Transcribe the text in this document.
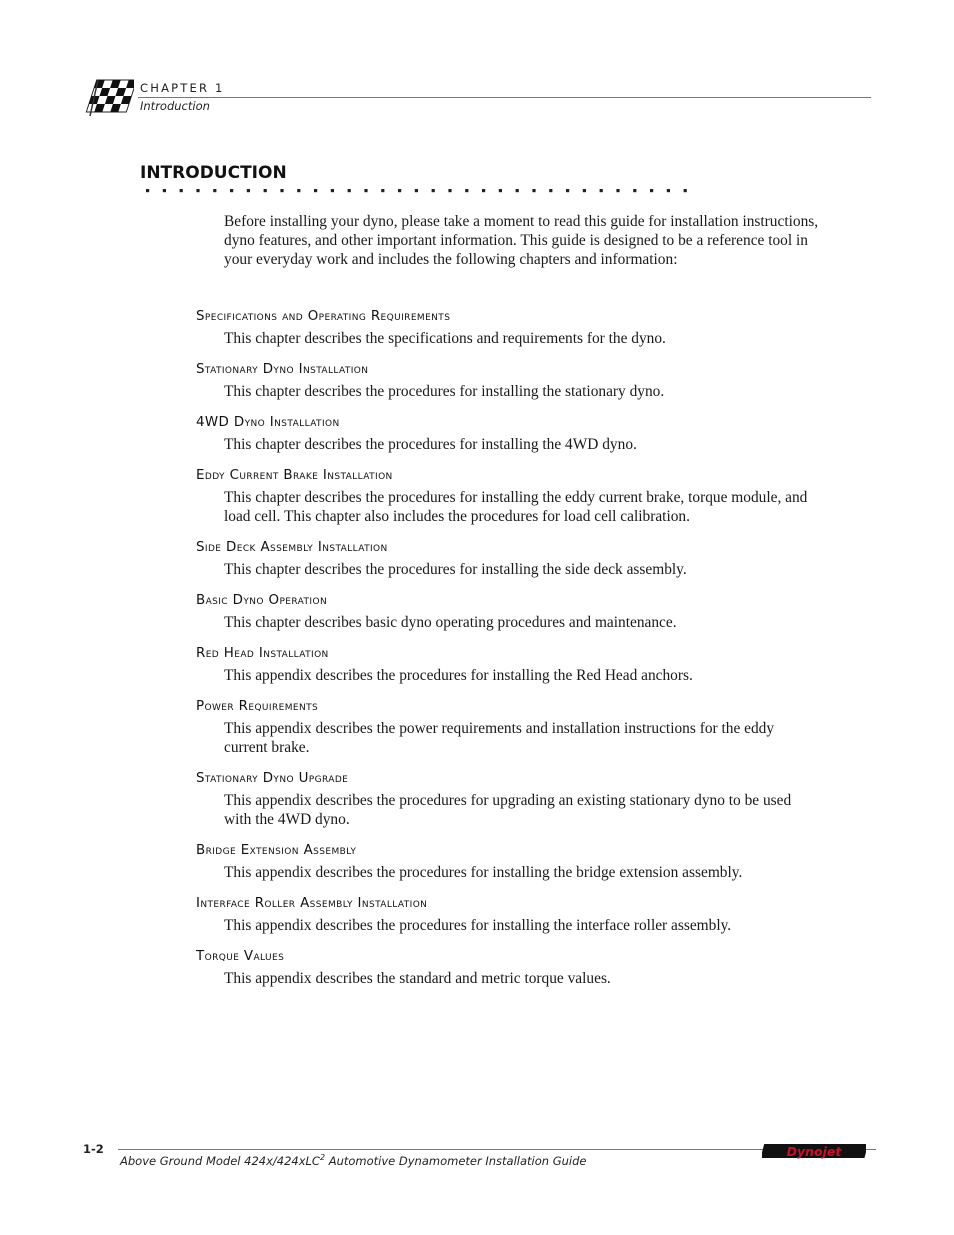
CHAPTER 1
Introduction
INTRODUCTION

Before installing your dyno, please take a moment to read this guide for installation instructions, dyno features, and other important information. This guide is designed to be a reference tool in your everyday work and includes the following chapters and information:

Specifications and Operating Requirements

This chapter describes the specifications and requirements for the dyno.

Stationary Dyno Installation

This chapter describes the procedures for installing the stationary dyno.

4WD Dyno Installation

This chapter describes the procedures for installing the 4WD dyno.

Eddy Current Brake Installation

This chapter describes the procedures for installing the eddy current brake, torque module, and load cell. This chapter also includes the procedures for load cell calibration.

Side Deck Assembly Installation

This chapter describes the procedures for installing the side deck assembly.

Basic Dyno Operation

This chapter describes basic dyno operating procedures and maintenance.

Red Head Installation

This appendix describes the procedures for installing the Red Head anchors.

Power Requirements

This appendix describes the power requirements and installation instructions for the eddy current brake.

Stationary Dyno Upgrade

This appendix describes the procedures for upgrading an existing stationary dyno to be used with the 4WD dyno.

Bridge Extension Assembly

This appendix describes the procedures for installing the bridge extension assembly.

Interface Roller Assembly Installation

This appendix describes the procedures for installing the interface roller assembly.

Torque Values

This appendix describes the standard and metric torque values.

1-2
Above Ground Model 424x/424xLC$^2$ Automotive Dynamometer Installation Guide
Dynojet
